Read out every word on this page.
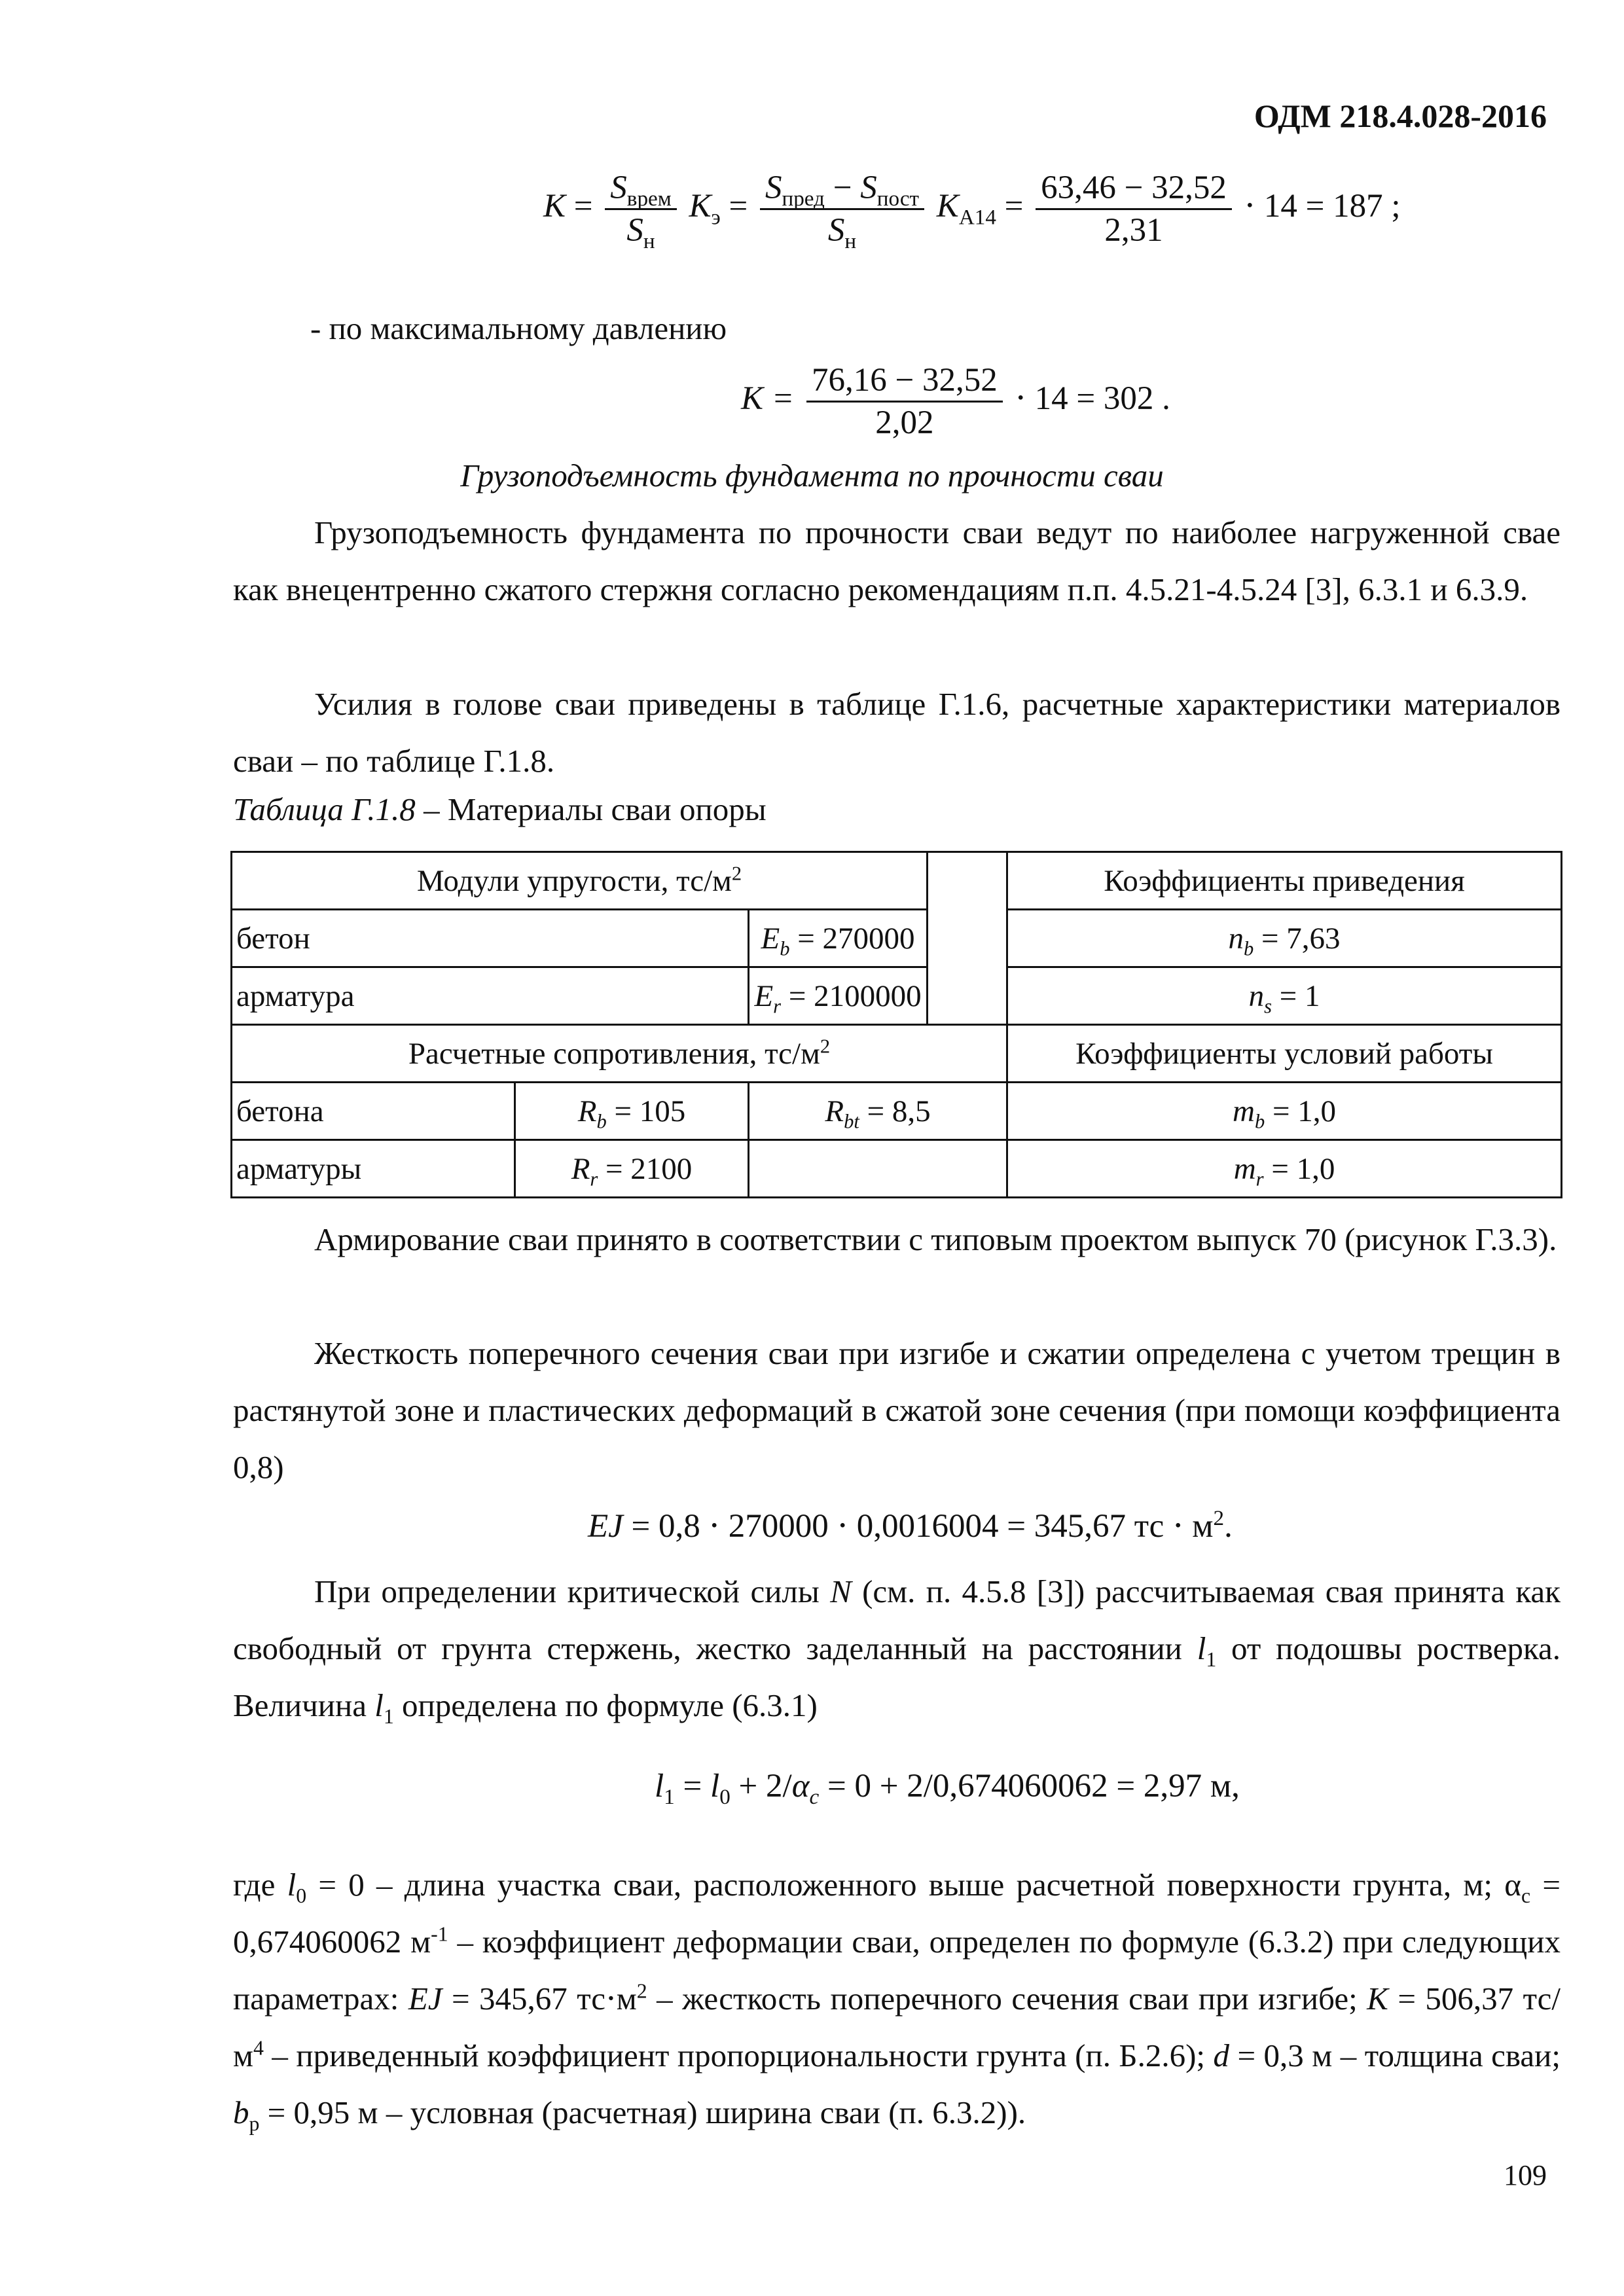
ОДМ 218.4.028-2016
$K = \frac{S_{врем}}{S_н} K_э = \frac{S_{пред} - S_{пост}}{S_н} K_{А14} = \frac{63,46 - 32,52}{2,31} \cdot 14 = 187$ ;
- по максимальному давлению
$K = \frac{76,16 - 32,52}{2,02} \cdot 14 = 302$ .
Грузоподъемность фундамента по прочности сваи
Грузоподъемность фундамента по прочности сваи ведут по наиболее нагруженной свае как внецентренно сжатого стержня согласно рекомендациям п.п. 4.5.21-4.5.24 [3], 6.3.1 и 6.3.9.
Усилия в голове сваи приведены в таблице Г.1.6, расчетные характеристики материалов сваи – по таблице Г.1.8.
Таблица Г.1.8 – Материалы сваи опоры
Модули упругости, $тс/м^2$				Коэффициенты приведения
бетон		$E_b = 270000$		$n_b = 7,63$
арматура		$E_r = 2100000$		$n_s = 1$
Расчетные сопротивления, $тс/м^2$				Коэффициенты условий работы
бетона	$R_b = 105$	$R_{bt} = 8,5$		$m_b = 1,0$
арматуры	$R_r = 2100$			$m_r = 1,0$
Армирование сваи принято в соответствии с типовым проектом выпуск 70 (рисунок Г.3.3).
Жесткость поперечного сечения сваи при изгибе и сжатии определена с учетом трещин в растянутой зоне и пластических деформаций в сжатой зоне сечения (при помощи коэффициента 0,8)
EJ = 0,8 ⋅ 270000 ⋅ 0,0016004 = 345,67 тс ⋅ $м^2$.
При определении критической силы N (см. п. 4.5.8 [3]) рассчитываемая свая принята как свободный от грунта стержень, жестко заделанный на расстоянии $l_1$ от подошвы ростверка. Величина $l_1$ определена по формуле (6.3.1)
$l_1 = l_0 + 2/\alpha_c = 0 + 2/0,674060062 = 2,97$ м,
где $l_0 = 0$ – длина участка сваи, расположенного выше расчетной поверхности грунта, м; $\alpha_c = 0,674060062$ $м^{-1}$ – коэффициент деформации сваи, определен по формуле (6.3.2) при следующих параметрах: EJ = 345,67 $тс\cdot м^2$ – жесткость поперечного сечения сваи при изгибе; K = 506,37 $тс/м^4$ – приведенный коэффициент пропорциональности грунта (п. Б.2.6); d = 0,3 м – толщина сваи; $b_р = 0,95$ м – условная (расчетная) ширина сваи (п. 6.3.2)).
109
